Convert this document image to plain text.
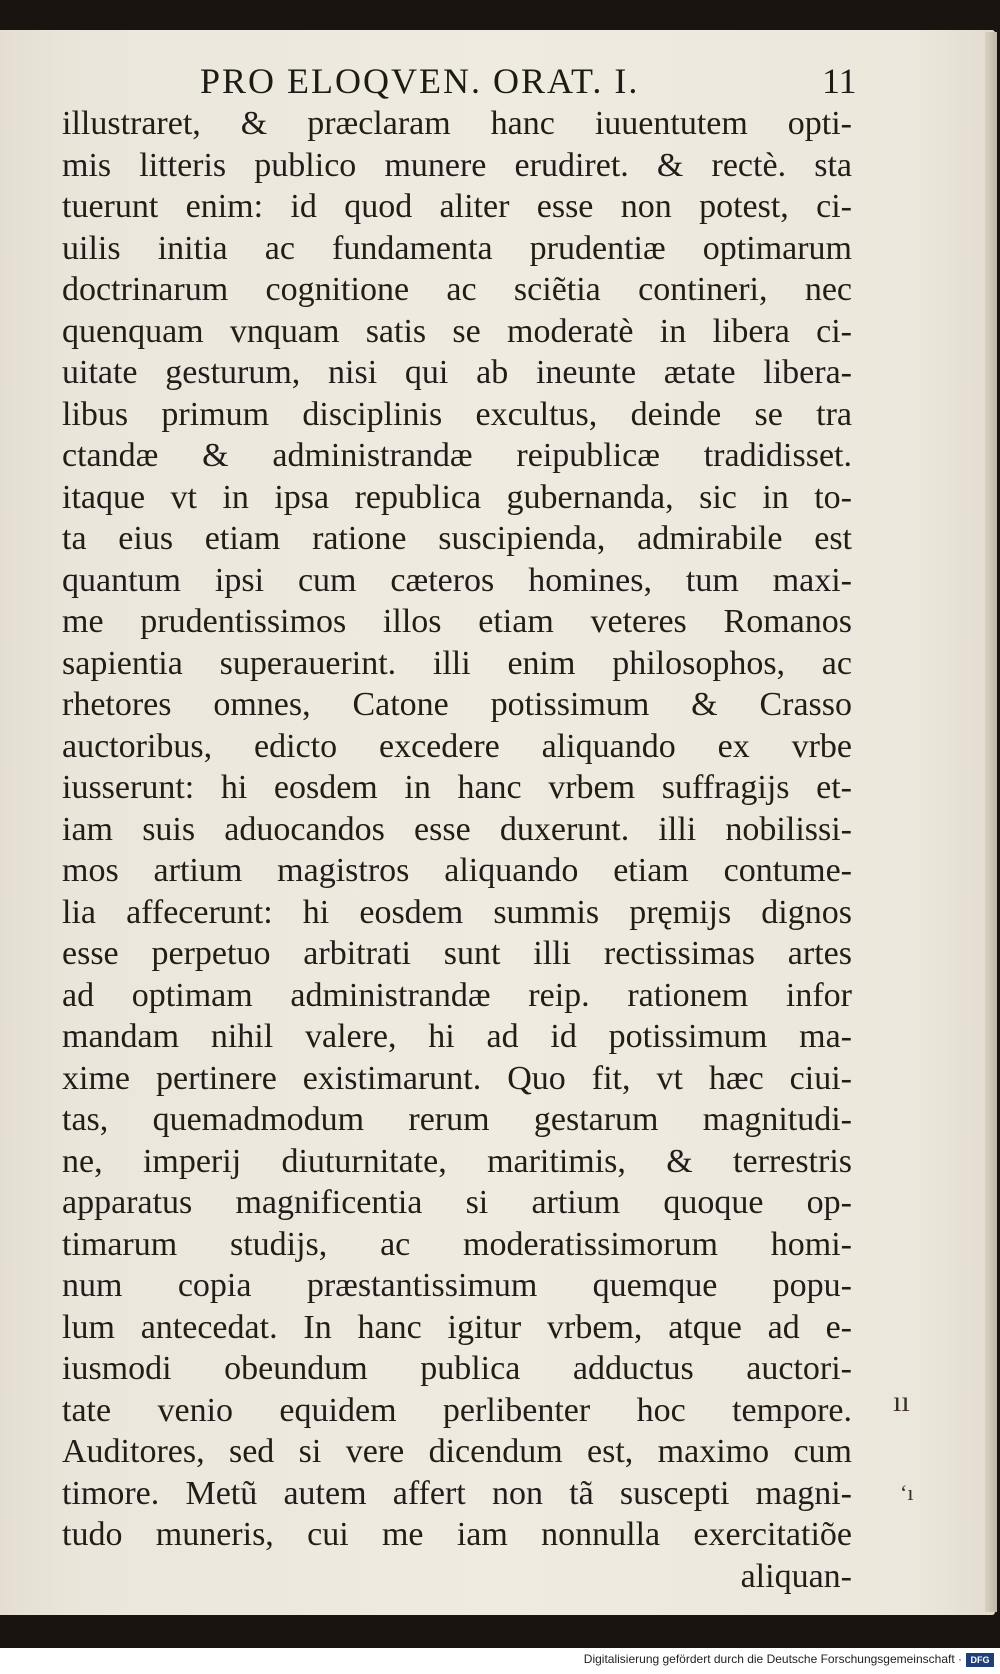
PRO ELOQVEN. ORAT. I.	11
illustraret, & præclaram hanc iuuentutem opti-
mis litteris publico munere erudiret. & rectè. sta
tuerunt enim: id quod aliter esse non potest, ci-
uilis initia ac fundamenta prudentiæ optimarum
doctrinarum cognitione ac sciẽtia contineri, nec
quenquam vnquam satis se moderatè in libera ci-
uitate gesturum, nisi qui ab ineunte ætate libera-
libus primum disciplinis excultus, deinde se tra
ctandæ & administrandæ reipublicæ tradidisset.
itaque vt in ipsa republica gubernanda, sic in to-
ta eius etiam ratione suscipienda, admirabile est
quantum ipsi cum cæteros homines, tum maxi-
me prudentissimos illos etiam veteres Romanos
sapientia superauerint. illi enim philosophos, ac
rhetores omnes, Catone potissimum & Crasso
auctoribus, edicto excedere aliquando ex vrbe
iusserunt: hi eosdem in hanc vrbem suffragijs et-
iam suis aduocandos esse duxerunt. illi nobilissi-
mos artium magistros aliquando etiam contume-
lia affecerunt: hi eosdem summis pręmijs dignos
esse perpetuo arbitrati sunt illi rectissimas artes
ad optimam administrandæ reip. rationem infor
mandam nihil valere, hi ad id potissimum ma-
xime pertinere existimarunt. Quo fit, vt hæc ciui-
tas, quemadmodum rerum gestarum magnitudi-
ne, imperij diuturnitate, maritimis, & terrestris
apparatus magnificentia si artium quoque op-
timarum studijs, ac moderatissimorum homi-
num copia præstantissimum quemque popu-
lum antecedat. In hanc igitur vrbem, atque ad e-
iusmodi obeundum publica adductus auctori-
tate venio equidem perlibenter hoc tempore.
Auditores, sed si vere dicendum est, maximo cum
timore. Metũ autem affert non tã suscepti magni-
tudo muneris, cui me iam nonnulla exercitatiõe
aliquan-
ıı
ʻı
Digitalisierung gefördert durch die Deutsche Forschungsgemeinschaft · DFG
